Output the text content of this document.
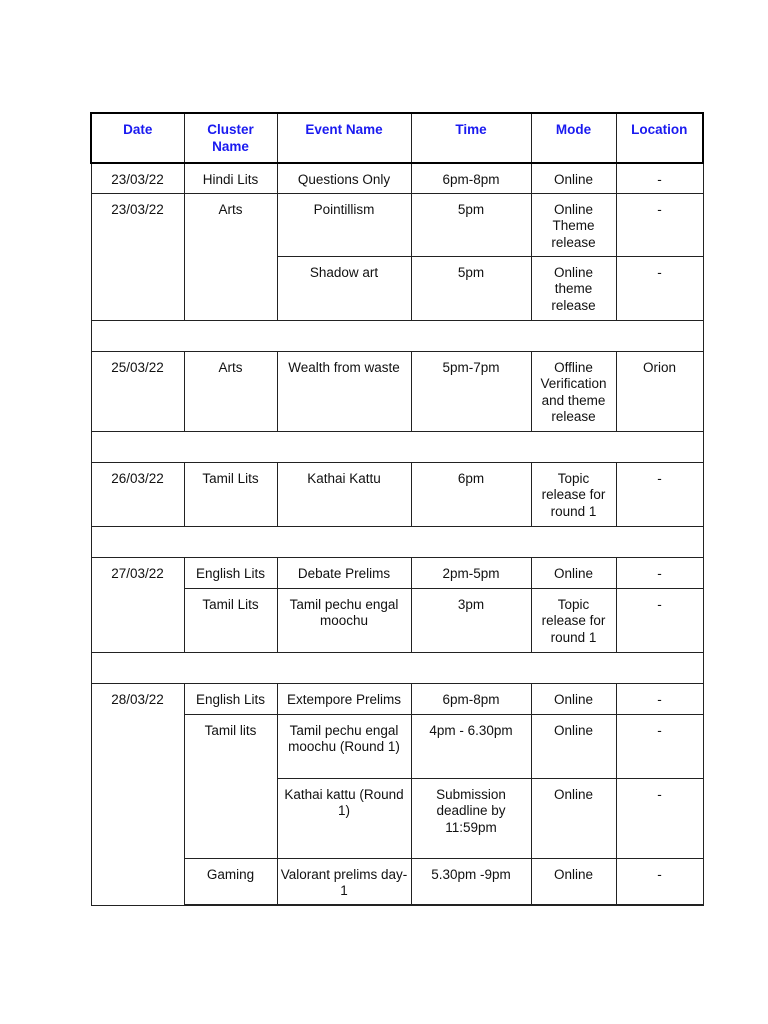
Date	Cluster Name	Event Name	Time	Mode	Location
23/03/22	Hindi Lits	Questions Only	6pm-8pm	Online	-
23/03/22	Arts	Pointillism	5pm	Online Theme release	-
		Shadow art	5pm	Online theme release	-

25/03/22	Arts	Wealth from waste	5pm-7pm	Offline Verification and theme release	Orion

26/03/22	Tamil Lits	Kathai Kattu	6pm	Topic release for round 1	-

27/03/22	English Lits	Debate Prelims	2pm-5pm	Online	-
	Tamil Lits	Tamil pechu engal moochu	3pm	Topic release for round 1	-

28/03/22	English Lits	Extempore Prelims	6pm-8pm	Online	-
	Tamil lits	Tamil pechu engal moochu (Round 1)	4pm - 6.30pm	Online	-
		Kathai kattu (Round 1)	Submission deadline by 11:59pm	Online	-
	Gaming	Valorant prelims day-1	5.30pm -9pm	Online	-
